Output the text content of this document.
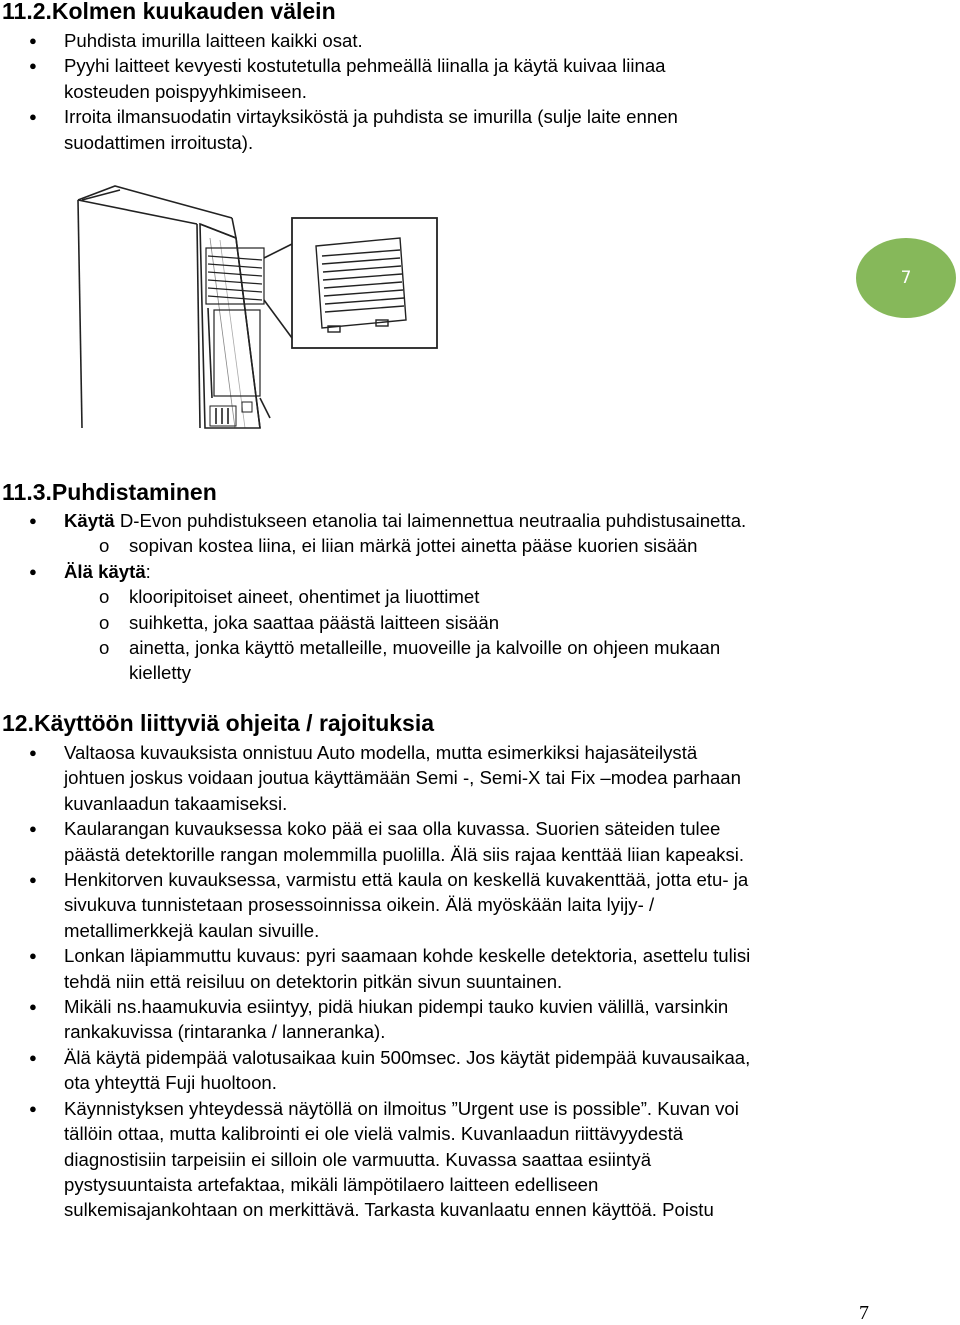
11.2.Kolmen kuukauden välein
● Puhdista imurilla laitteen kaikki osat.
● Pyyhi laitteet kevyesti kostutetulla pehmeällä liinalla ja käytä kuivaa liinaa
kosteuden poispyyhkimiseen.
● Irroita ilmansuodatin virtayksiköstä ja puhdista se imurilla (sulje laite ennen
suodattimen irroitusta).
7
11.3.Puhdistaminen
● Käytä D-Evon puhdistukseen etanolia tai laimennettua neutraalia puhdistusainetta.
o sopivan kostea liina, ei liian märkä jottei ainetta pääse kuorien sisään
● Älä käytä:
o klooripitoiset aineet, ohentimet ja liuottimet
o suihketta, joka saattaa päästä laitteen sisään
o ainetta, jonka käyttö metalleille, muoveille ja kalvoille on ohjeen mukaan
kielletty
12.Käyttöön liittyviä ohjeita / rajoituksia
● Valtaosa kuvauksista onnistuu Auto modella, mutta esimerkiksi hajasäteilystä
johtuen joskus voidaan joutua käyttämään Semi -, Semi-X tai Fix –modea parhaan
kuvanlaadun takaamiseksi.
● Kaularangan kuvauksessa koko pää ei saa olla kuvassa. Suorien säteiden tulee
päästä detektorille rangan molemmilla puolilla. Älä siis rajaa kenttää liian kapeaksi.
● Henkitorven kuvauksessa, varmistu että kaula on keskellä kuvakenttää, jotta etu- ja
sivukuva tunnistetaan prosessoinnissa oikein. Älä myöskään laita lyijy- /
metallimerkkejä kaulan sivuille.
● Lonkan läpiammuttu kuvaus: pyri saamaan kohde keskelle detektoria, asettelu tulisi
tehdä niin että reisiluu on detektorin pitkän sivun suuntainen.
● Mikäli ns.haamukuvia esiintyy, pidä hiukan pidempi tauko kuvien välillä, varsinkin
rankakuvissa (rintaranka / lanneranka).
● Älä käytä pidempää valotusaikaa kuin 500msec. Jos käytät pidempää kuvausaikaa,
ota yhteyttä Fuji huoltoon.
● Käynnistyksen yhteydessä näytöllä on ilmoitus ”Urgent use is possible”. Kuvan voi
tällöin ottaa, mutta kalibrointi ei ole vielä valmis. Kuvanlaadun riittävyydestä
diagnostisiin tarpeisiin ei silloin ole varmuutta. Kuvassa saattaa esiintyä
pystysuuntaista artefaktaa, mikäli lämpötilaero laitteen edelliseen
sulkemisajankohtaan on merkittävä. Tarkasta kuvanlaatu ennen käyttöä. Poistu
7
